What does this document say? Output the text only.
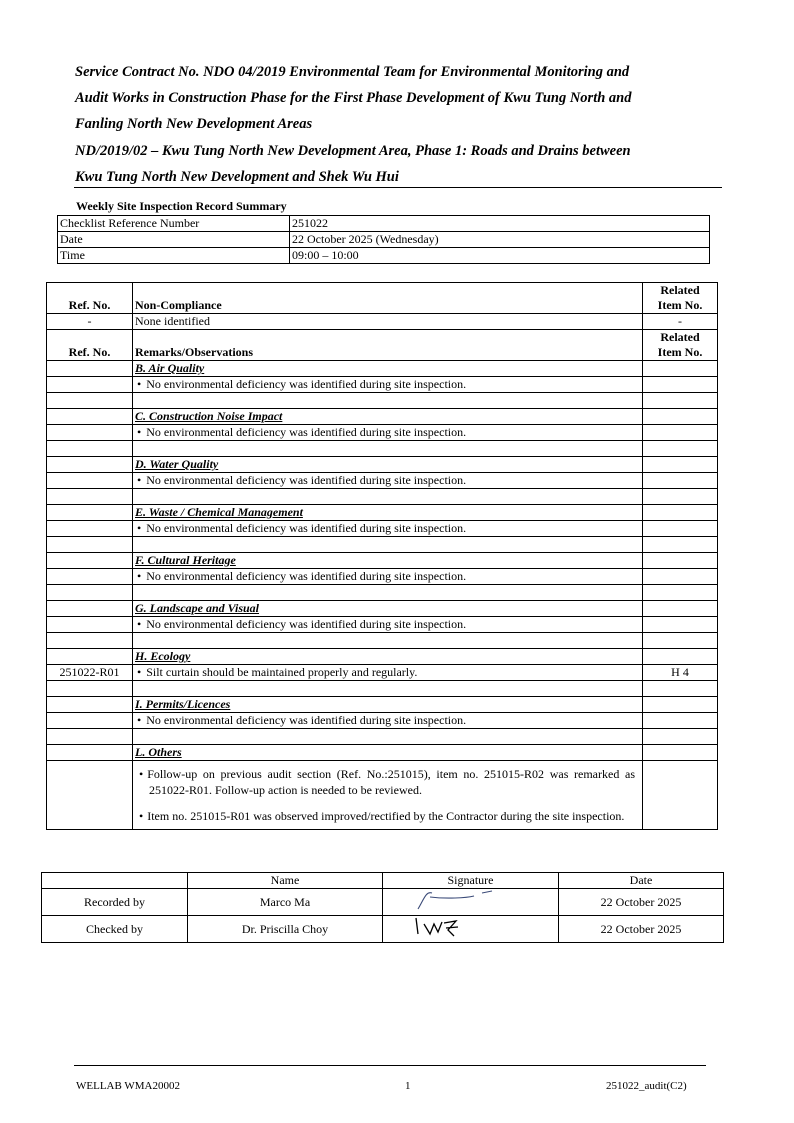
Service Contract No. NDO 04/2019 Environmental Team for Environmental Monitoring and
Audit Works in Construction Phase for the First Phase Development of Kwu Tung North and
Fanling North New Development Areas
ND/2019/02 – Kwu Tung North New Development Area, Phase 1: Roads and Drains between
Kwu Tung North New Development and Shek Wu Hui
Weekly Site Inspection Record Summary
Checklist Reference Number	251022
Date	22 October 2025 (Wednesday)
Time	09:00 – 10:00
Ref. No.	Non-Compliance	Related
Item No.

-	None identified	-
Ref. No.	Remarks/Observations	Related
Item No.

	B. Air Quality	
	• No environmental deficiency was identified during site inspection.	

	C. Construction Noise Impact	
	• No environmental deficiency was identified during site inspection.	

	D. Water Quality	
	• No environmental deficiency was identified during site inspection.	

	E. Waste / Chemical Management	
	• No environmental deficiency was identified during site inspection.	

	F. Cultural Heritage	
	• No environmental deficiency was identified during site inspection.	

	G. Landscape and Visual	
	• No environmental deficiency was identified during site inspection.	

	H. Ecology	
251022-R01	• Silt curtain should be maintained properly and regularly.	H 4

	I. Permits/Licences	
	• No environmental deficiency was identified during site inspection.	

	L. Others	

	• Follow-up on previous audit section (Ref. No.:251015), item no. 251015-R02 was remarked as 251022-R01. Follow-up action is needed to be reviewed.
• Item no. 251015-R01 was observed improved/rectified by the Contractor during the site inspection.

	Name	Signature	Date
Recorded by	Marco Ma		22 October 2025
Checked by	Dr. Priscilla Choy		22 October 2025
WELLAB WMA20002	1	251022_audit(C2)
